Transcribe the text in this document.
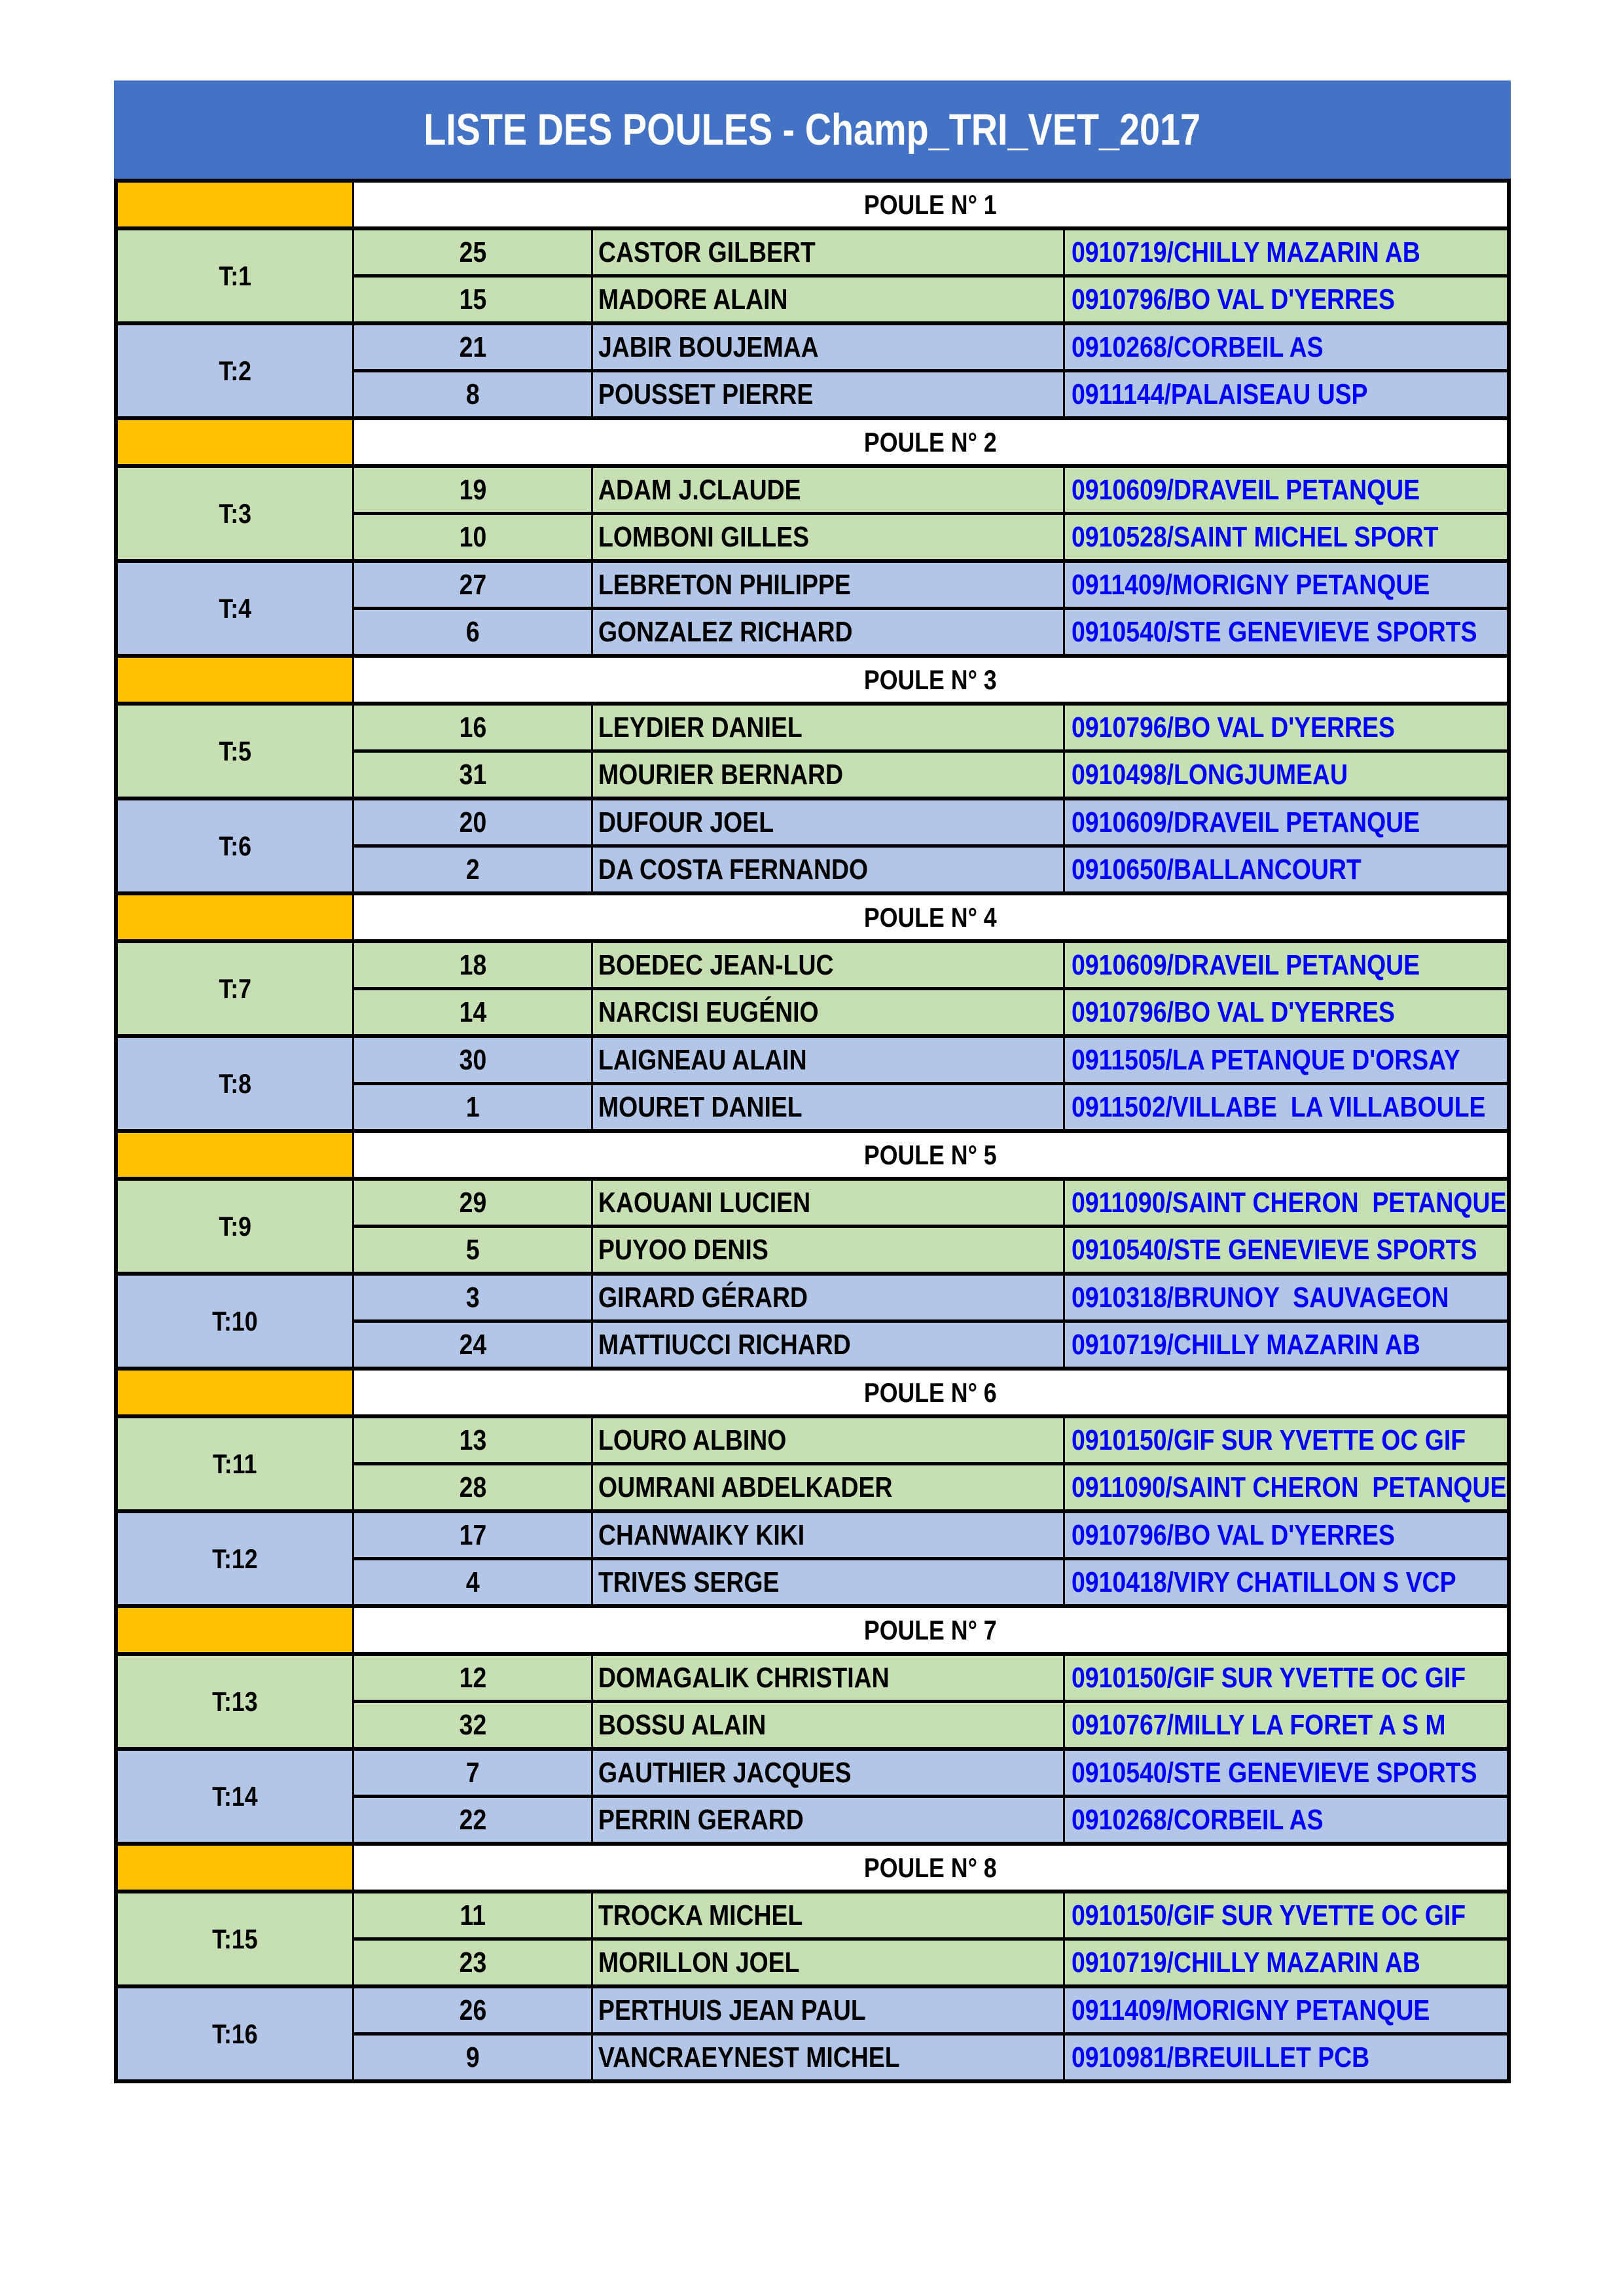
LISTE DES POULES - Champ_TRI_VET_2017
POULE N° 1
T:1
25	CASTOR GILBERT	0910719/CHILLY MAZARIN AB
15	MADORE ALAIN	0910796/BO VAL D'YERRES
T:2
21	JABIR BOUJEMAA	0910268/CORBEIL AS
8	POUSSET PIERRE	0911144/PALAISEAU USP
POULE N° 2
T:3
19	ADAM J.CLAUDE	0910609/DRAVEIL PETANQUE
10	LOMBONI GILLES	0910528/SAINT MICHEL SPORT
T:4
27	LEBRETON PHILIPPE	0911409/MORIGNY PETANQUE
6	GONZALEZ RICHARD	0910540/STE GENEVIEVE SPORTS
POULE N° 3
T:5
16	LEYDIER DANIEL	0910796/BO VAL D'YERRES
31	MOURIER BERNARD	0910498/LONGJUMEAU
T:6
20	DUFOUR JOEL	0910609/DRAVEIL PETANQUE
2	DA COSTA FERNANDO	0910650/BALLANCOURT
POULE N° 4
T:7
18	BOEDEC JEAN-LUC	0910609/DRAVEIL PETANQUE
14	NARCISI EUGÉNIO	0910796/BO VAL D'YERRES
T:8
30	LAIGNEAU ALAIN	0911505/LA PETANQUE D'ORSAY
1	MOURET DANIEL	0911502/VILLABE  LA VILLABOULE
POULE N° 5
T:9
29	KAOUANI LUCIEN	0911090/SAINT CHERON  PETANQUE
5	PUYOO DENIS	0910540/STE GENEVIEVE SPORTS
T:10
3	GIRARD GÉRARD	0910318/BRUNOY  SAUVAGEON
24	MATTIUCCI RICHARD	0910719/CHILLY MAZARIN AB
POULE N° 6
T:11
13	LOURO ALBINO	0910150/GIF SUR YVETTE OC GIF
28	OUMRANI ABDELKADER	0911090/SAINT CHERON  PETANQUE
T:12
17	CHANWAIKY KIKI	0910796/BO VAL D'YERRES
4	TRIVES SERGE	0910418/VIRY CHATILLON S VCP
POULE N° 7
T:13
12	DOMAGALIK CHRISTIAN	0910150/GIF SUR YVETTE OC GIF
32	BOSSU ALAIN	0910767/MILLY LA FORET A S M
T:14
7	GAUTHIER JACQUES	0910540/STE GENEVIEVE SPORTS
22	PERRIN GERARD	0910268/CORBEIL AS
POULE N° 8
T:15
11	TROCKA MICHEL	0910150/GIF SUR YVETTE OC GIF
23	MORILLON JOEL	0910719/CHILLY MAZARIN AB
T:16
26	PERTHUIS JEAN PAUL	0911409/MORIGNY PETANQUE
9	VANCRAEYNEST MICHEL	0910981/BREUILLET PCB
